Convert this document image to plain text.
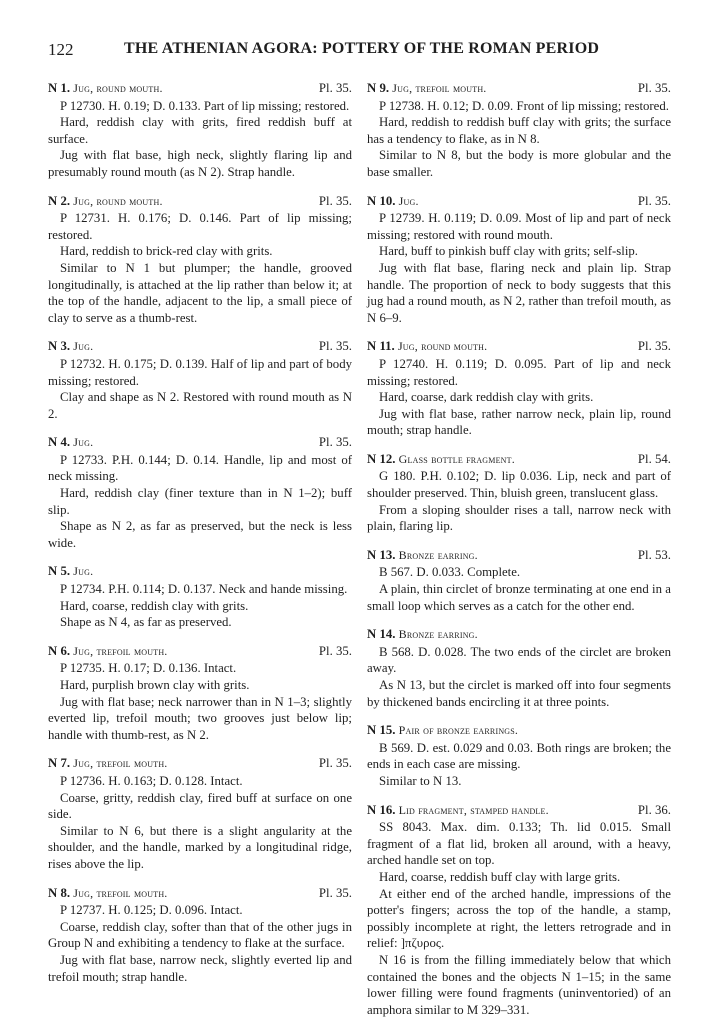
122	THE ATHENIAN AGORA: POTTERY OF THE ROMAN PERIOD
N 1. Jug, round mouth.	Pl. 35.

P 12730. H. 0.19; D. 0.133. Part of lip missing; restored.

Hard, reddish clay with grits, fired reddish buff at surface.

Jug with flat base, high neck, slightly flaring lip and presumably round mouth (as N 2). Strap handle.

N 2. Jug, round mouth.	Pl. 35.

P 12731. H. 0.176; D. 0.146. Part of lip missing; restored.

Hard, reddish to brick-red clay with grits.

Similar to N 1 but plumper; the handle, grooved longitudinally, is attached at the lip rather than below it; at the top of the handle, adjacent to the lip, a small piece of clay to serve as a thumb-rest.

N 3. Jug.	Pl. 35.

P 12732. H. 0.175; D. 0.139. Half of lip and part of body missing; restored.

Clay and shape as N 2. Restored with round mouth as N 2.

N 4. Jug.	Pl. 35.

P 12733. P.H. 0.144; D. 0.14. Handle, lip and most of neck missing.

Hard, reddish clay (finer texture than in N 1–2); buff slip.

Shape as N 2, as far as preserved, but the neck is less wide.

N 5. Jug.

P 12734. P.H. 0.114; D. 0.137. Neck and hande missing.

Hard, coarse, reddish clay with grits.

Shape as N 4, as far as preserved.

N 6. Jug, trefoil mouth.	Pl. 35.

P 12735. H. 0.17; D. 0.136. Intact.

Hard, purplish brown clay with grits.

Jug with flat base; neck narrower than in N 1–3; slightly everted lip, trefoil mouth; two grooves just below lip; handle with thumb-rest, as N 2.

N 7. Jug, trefoil mouth.	Pl. 35.

P 12736. H. 0.163; D. 0.128. Intact.

Coarse, gritty, reddish clay, fired buff at surface on one side.

Similar to N 6, but there is a slight angularity at the shoulder, and the handle, marked by a longitudinal ridge, rises above the lip.

N 8. Jug, trefoil mouth.	Pl. 35.

P 12737. H. 0.125; D. 0.096. Intact.

Coarse, reddish clay, softer than that of the other jugs in Group N and exhibiting a tendency to flake at the surface.

Jug with flat base, narrow neck, slightly everted lip and trefoil mouth; strap handle.

N 9. Jug, trefoil mouth.	Pl. 35.

P 12738. H. 0.12; D. 0.09. Front of lip missing; restored.

Hard, reddish to reddish buff clay with grits; the surface has a tendency to flake, as in N 8.

Similar to N 8, but the body is more globular and the base smaller.

N 10. Jug.	Pl. 35.

P 12739. H. 0.119; D. 0.09. Most of lip and part of neck missing; restored with round mouth.

Hard, buff to pinkish buff clay with grits; self-slip.

Jug with flat base, flaring neck and plain lip. Strap handle. The proportion of neck to body suggests that this jug had a round mouth, as N 2, rather than trefoil mouth, as N 6–9.

N 11. Jug, round mouth.	Pl. 35.

P 12740. H. 0.119; D. 0.095. Part of lip and neck missing; restored.

Hard, coarse, dark reddish clay with grits.

Jug with flat base, rather narrow neck, plain lip, round mouth; strap handle.

N 12. Glass bottle fragment.	Pl. 54.

G 180. P.H. 0.102; D. lip 0.036. Lip, neck and part of shoulder preserved. Thin, bluish green, translucent glass.

From a sloping shoulder rises a tall, narrow neck with plain, flaring lip.

N 13. Bronze earring.	Pl. 53.

B 567. D. 0.033. Complete.

A plain, thin circlet of bronze terminating at one end in a small loop which serves as a catch for the other end.

N 14. Bronze earring.

B 568. D. 0.028. The two ends of the circlet are broken away.

As N 13, but the circlet is marked off into four segments by thickened bands encircling it at three points.

N 15. Pair of bronze earrings.

B 569. D. est. 0.029 and 0.03. Both rings are broken; the ends in each case are missing.

Similar to N 13.

N 16. Lid fragment, stamped handle.	Pl. 36.

SS 8043. Max. dim. 0.133; Th. lid 0.015. Small fragment of a flat lid, broken all around, with a heavy, arched handle set on top.

Hard, coarse, reddish buff clay with large grits.

At either end of the arched handle, impressions of the potter's fingers; across the top of the handle, a stamp, possibly incomplete at right, the letters retrograde and in relief: ]πζυρος.

N 16 is from the filling immediately below that which contained the bones and the objects N 1–15; in the same lower filling were found fragments (uninventoried) of an amphora similar to M 329–331.
